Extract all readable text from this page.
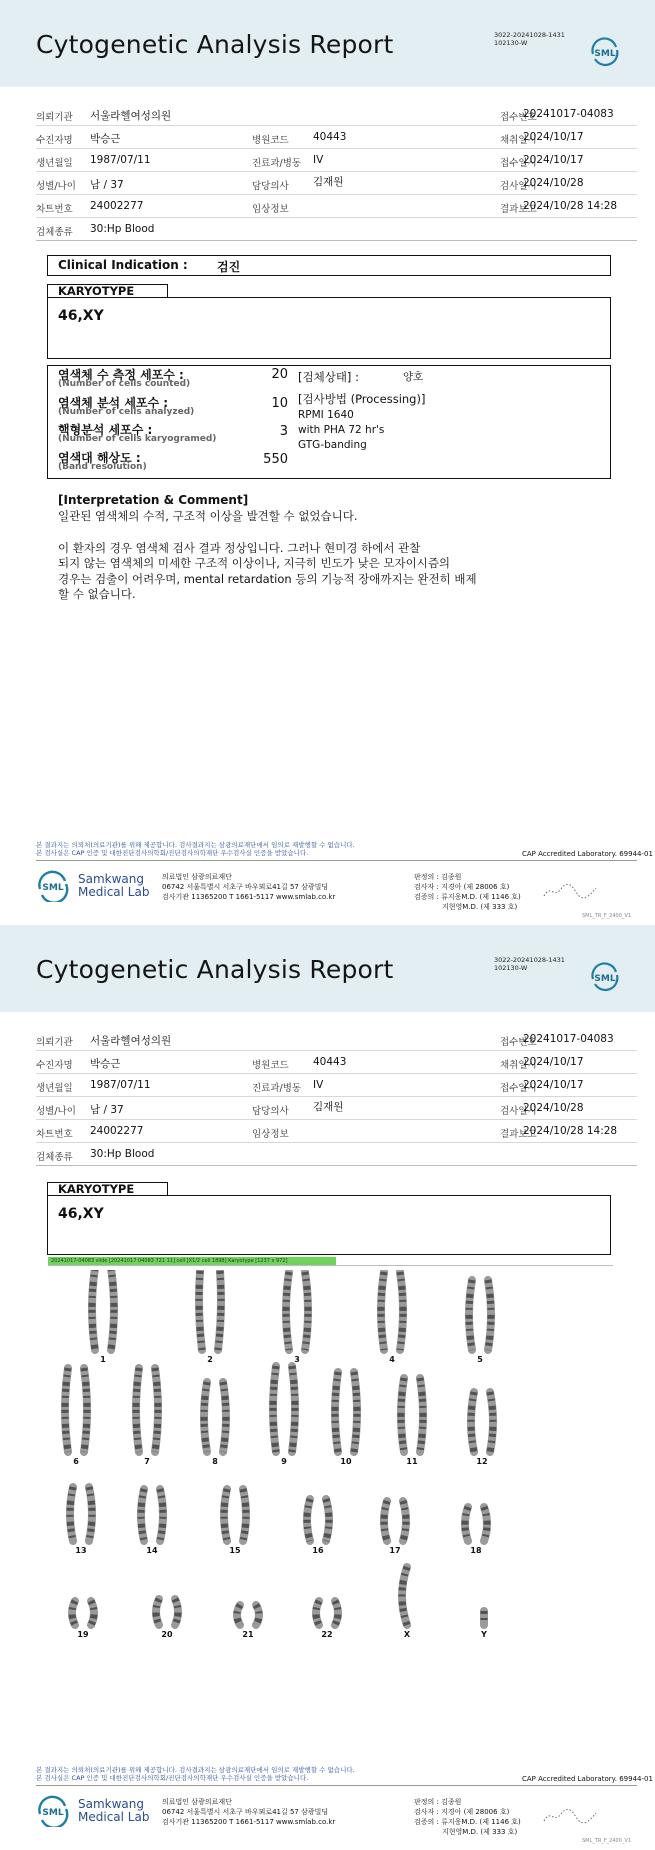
Cytogenetic Analysis Report	3022-20241028-1431
102130-W
SML
의뢰기관 서울라헬여성의원	접수번호
20241017-04083
수진자명 박승근	병원코드 40443	채취일시
2024/10/17
생년월일 1987/07/11	진료과/병동 IV	접수일시
2024/10/17
성별/나이 남 / 37	담당의사 김재원	검사일시
2024/10/28
차트번호 24002277	임상정보	결과보고
2024/10/28 14:28
검체종류 30:Hp Blood
Clinical Indication : 검진
KARYOTYPE
46,XY
염색체 수 측정 세포수 :
(Number of cells counted)
20
염색체 분석 세포수 :
(Number of cells analyzed)
10
핵형분석 세포수 :
(Number of cells karyogramed)	3
염색대 해상도 :
(Band resolution)	550
[검체상태] :	양호
[검사방법 (Processing)]
RPMI 1640
with PHA 72 hr's
GTG-banding
[Interpretation & Comment]
일관된 염색체의 수적, 구조적 이상을 발견할 수 없었습니다.
이 환자의 경우 염색체 검사 결과 정상입니다. 그러나 현미경 하에서 관찰
되지 않는 염색체의 미세한 구조적 이상이나, 지극히 빈도가 낮은 모자이시즘의
경우는 검출이 어려우며, mental retardation 등의 기능적 장애까지는 완전히 배제
할 수 없습니다.
본 결과지는 의뢰처(의료기관)를 위해 제공합니다. 검사결과지는 삼광의료재단에서 임의로 재발행할 수 없습니다.
본 검사실은 CAP 인증 및 대한진단검사의학회/진단검사의학재단 우수검사실 인증을 받았습니다.	CAP Accredited Laboratory. 69944-01
SML
Samkwang
Medical Lab
의료법인 삼광의료재단
06742 서울특별시 서초구 바우뫼로41길 57 삼광빌딩
검사기관 11365200 T 1661-5117 www.smlab.co.kr
판정의 : 김종원
검사자 : 지경아 (제 28006 호)
검증의 : 류지웅M.D. (제 1146 호)
지현영M.D. (제 333 호)
SML_TR_F_2400_V1
Cytogenetic Analysis Report	3022-20241028-1431
102130-W
SML
의뢰기관 서울라헬여성의원	접수번호
20241017-04083
수진자명 박승근	병원코드 40443	채취일시
2024/10/17
생년월일 1987/07/11	진료과/병동 IV	접수일시
2024/10/17
성별/나이 남 / 37	담당의사 김재원	검사일시
2024/10/28
차트번호 24002277	임상정보	결과보고
2024/10/28 14:28
검체종류 30:Hp Blood
KARYOTYPE
46,XY
본 결과지는 의뢰처(의료기관)를 위해 제공합니다. 검사결과지는 삼광의료재단에서 임의로 재발행할 수 없습니다.
본 검사실은 CAP 인증 및 대한진단검사의학회/진단검사의학재단 우수검사실 인증을 받았습니다.	CAP Accredited Laboratory. 69944-01
SML
Samkwang
Medical Lab
의료법인 삼광의료재단
06742 서울특별시 서초구 바우뫼로41길 57 삼광빌딩
검사기관 11365200 T 1661-5117 www.smlab.co.kr
판정의 : 김종원
검사자 : 지경아 (제 28006 호)
검증의 : 류지웅M.D. (제 1146 호)
지현영M.D. (제 333 호)
SML_TR_F_2400_V1
20241017-04083 slide [20241017 04083 721 11] cell [X1/2 cell 1898] Karyotype [1237 x 972]
1	2	3	4	5
6	7	8	9	10	11	12
13	14	15	16	17	18
19	20	21	22	X	Y
